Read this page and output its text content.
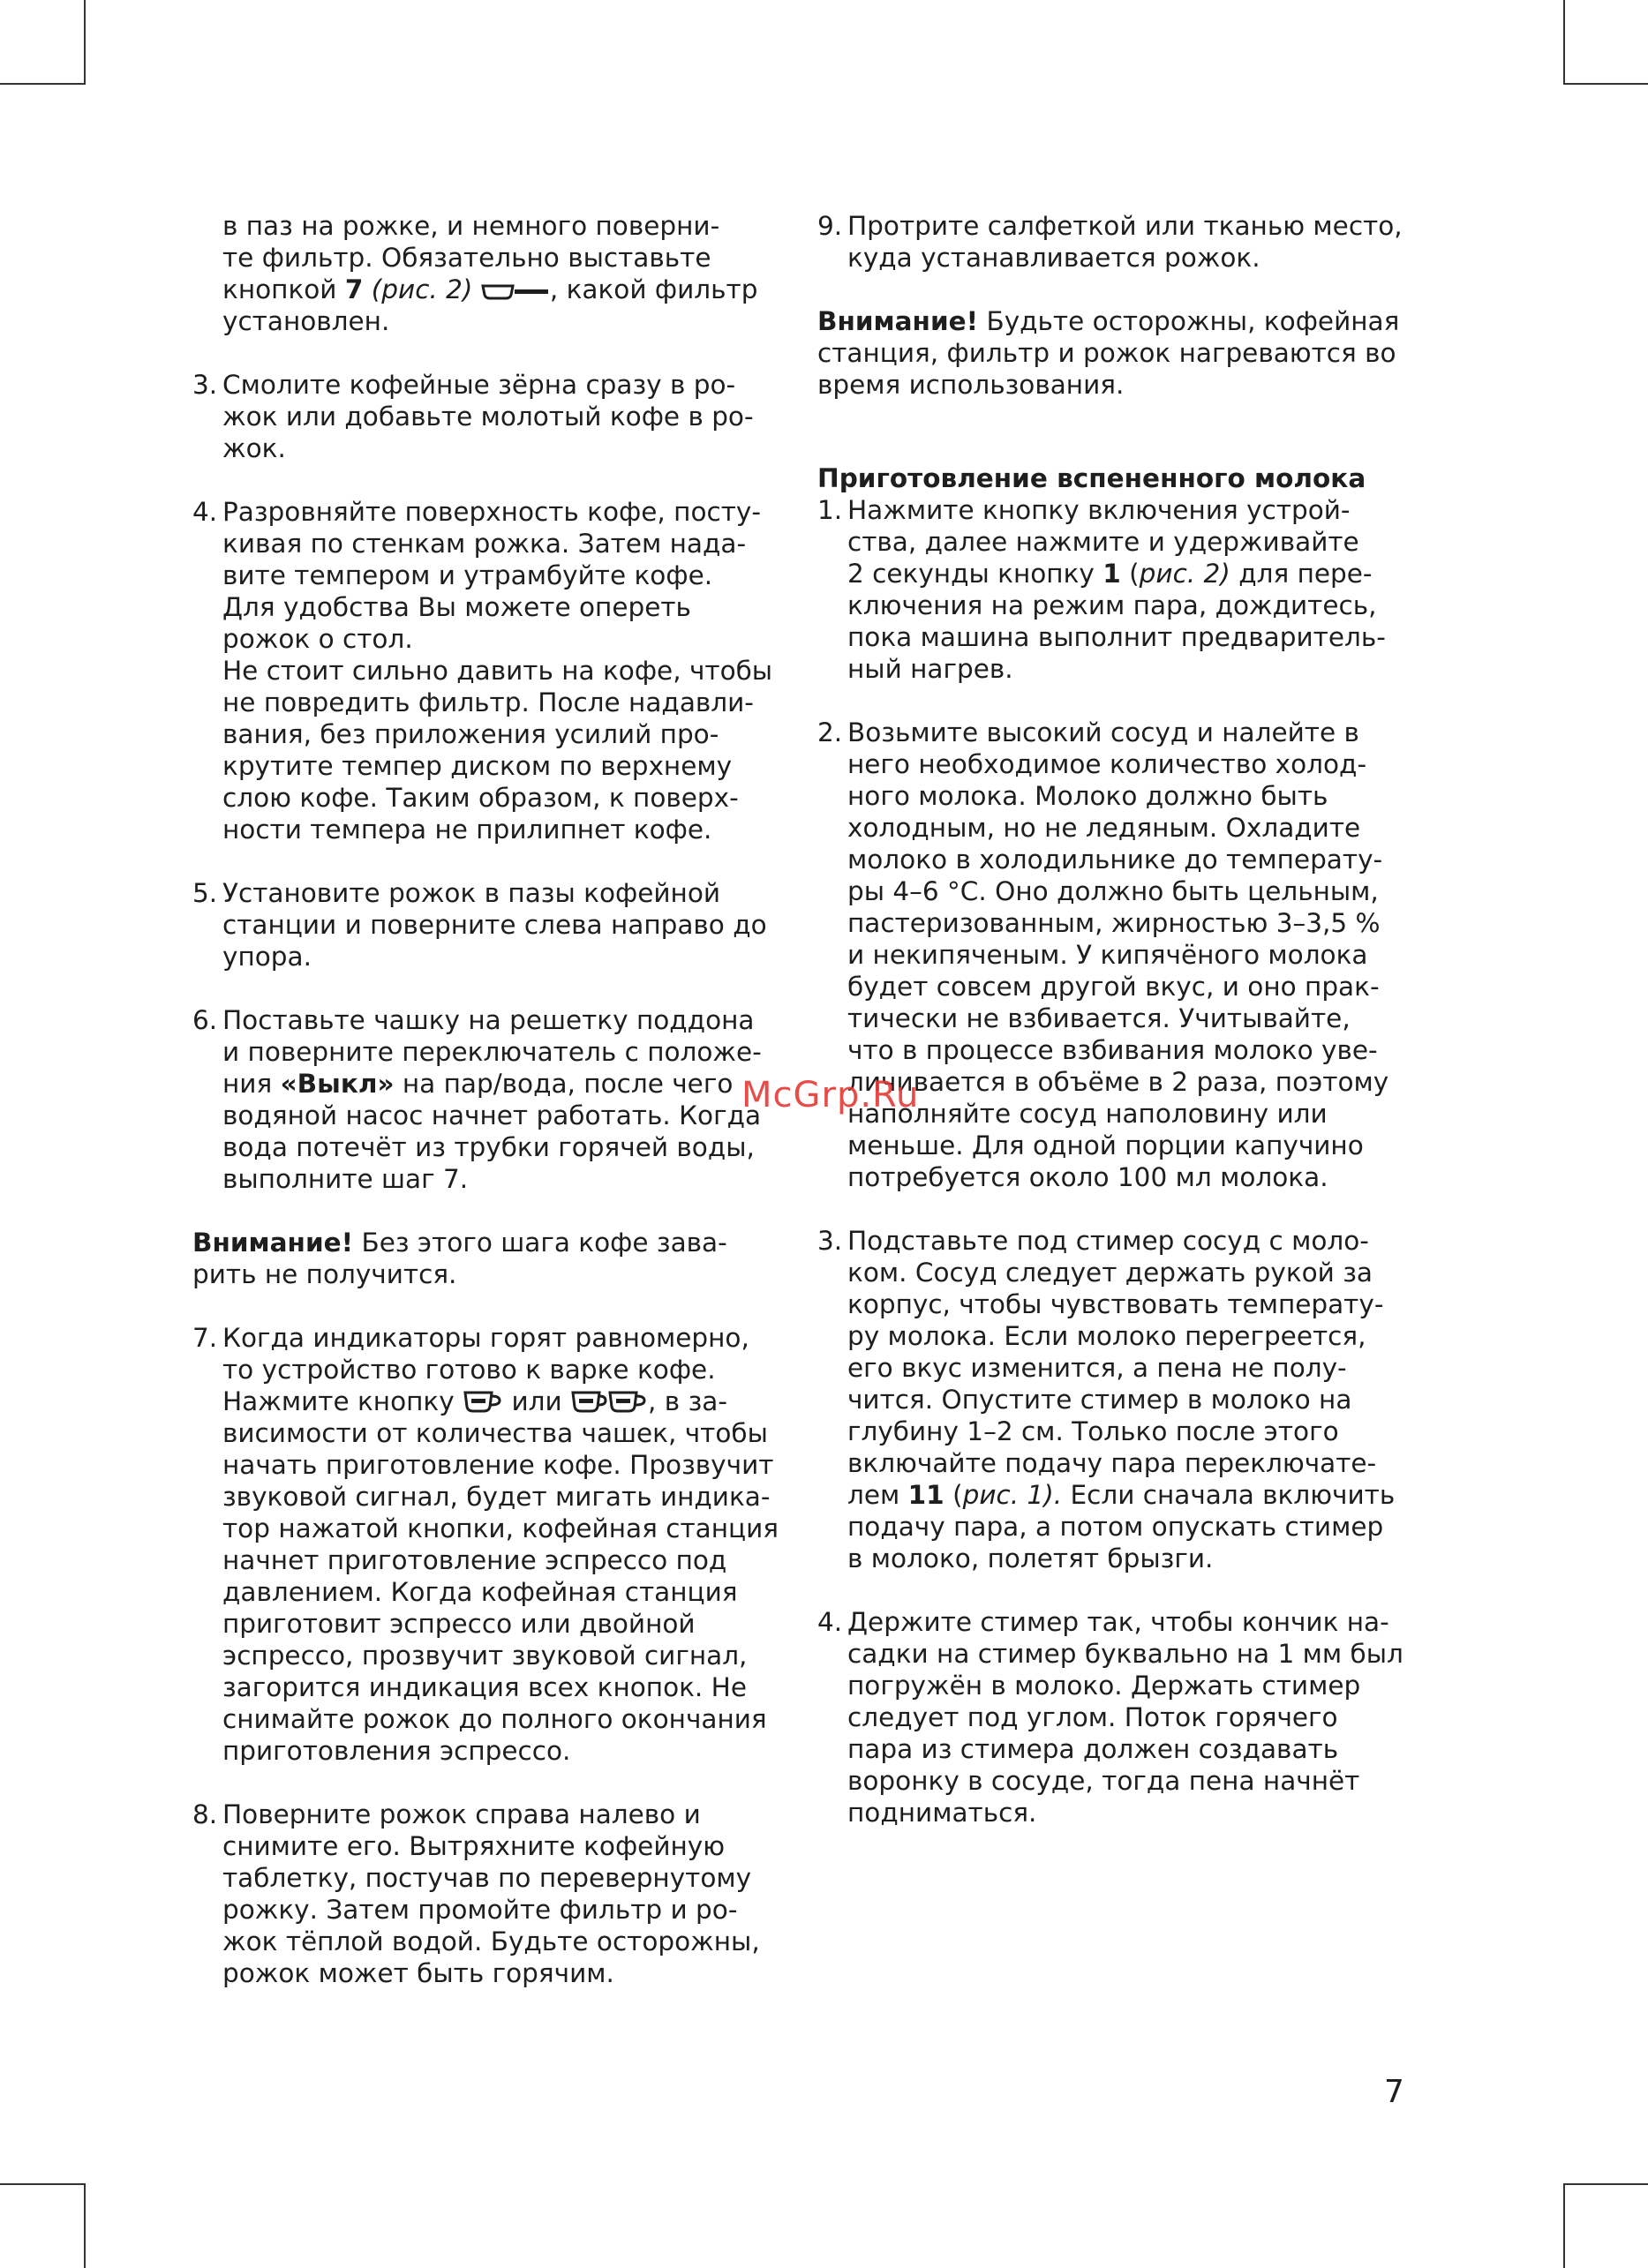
в паз на рожке, и немного поверни-

те фильтр. Обязательно выставьте

кнопкой 7 (рис. 2)	, какой фильтр

установлен.

3. Смолите кофейные зёрна сразу в ро-

жок или добавьте молотый кофе в ро-

жок.

4. Разровняйте поверхность кофе, посту-

кивая по стенкам рожка. Затем нада-

вите темпером и утрамбуйте кофе.

Для удобства Вы можете опереть

рожок о стол.

Не стоит сильно давить на кофе, чтобы

не повредить фильтр. После надавли-

вания, без приложения усилий про-

крутите темпер диском по верхнему

слою кофе. Таким образом, к поверх-

ности темпера не прилипнет кофе.

5. Установите рожок в пазы кофейной

станции и поверните слева направо до

упора.

6. Поставьте чашку на решетку поддона

и поверните переключатель с положе-

ния «Выкл» на пар/вода, после чего

водяной насос начнет работать. Когда

вода потечёт из трубки горячей воды,

выполните шаг 7.

Внимание! Без этого шага кофе зава-

рить не получится.

7. Когда индикаторы горят равномерно,

то устройство готово к варке кофе.

Нажмите кнопку  или	, в за-

висимости от количества чашек, чтобы

начать приготовление кофе. Прозвучит

звуковой сигнал, будет мигать индика-

тор нажатой кнопки, кофейная станция

начнет приготовление эспрессо под

давлением. Когда кофейная станция

приготовит эспрессо или двойной

эспрессо, прозвучит звуковой сигнал,

загорится индикация всех кнопок. Не

снимайте рожок до полного окончания

приготовления эспрессо.

8. Поверните рожок справа налево и

снимите его. Вытряхните кофейную

таблетку, постучав по перевернутому

рожку. Затем промойте фильтр и ро-

жок тёплой водой. Будьте осторожны,

рожок может быть горячим.

9. Протрите салфеткой или тканью место,

куда устанавливается рожок.

Внимание! Будьте осторожны, кофейная

станция, фильтр и рожок нагреваются во

время использования.

Приготовление вспененного молока

1. Нажмите кнопку включения устрой-

ства, далее нажмите и удерживайте

2 секунды кнопку 1 (рис. 2) для пере-

ключения на режим пара, дождитесь,

пока машина выполнит предваритель-

ный нагрев.

2. Возьмите высокий сосуд и налейте в

него необходимое количество холод-

ного молока. Молоко должно быть

холодным, но не ледяным. Охладите

молоко в холодильнике до температу-

ры 4–6 °C. Оно должно быть цельным,

пастеризованным, жирностью 3–3,5 %

и некипяченым. У кипячёного молока

будет совсем другой вкус, и оно прак-

тически не взбивается. Учитывайте,

что в процессе взбивания молоко уве-

личивается в объёме в 2 раза, поэтому

наполняйте сосуд наполовину или

меньше. Для одной порции капучино

потребуется около 100 мл молока.

3. Подставьте под стимер сосуд с моло-

ком. Сосуд следует держать рукой за

корпус, чтобы чувствовать температу-

ру молока. Если молоко перегреется,

его вкус изменится, а пена не полу-

чится. Опустите стимер в молоко на

глубину 1–2 см. Только после этого

включайте подачу пара переключате-

лем 11 (рис. 1). Если сначала включить

подачу пара, а потом опускать стимер

в молоко, полетят брызги.

4. Держите стимер так, чтобы кончик на-

садки на стимер буквально на 1 мм был

погружён в молоко. Держать стимер

следует под углом. Поток горячего

пара из стимера должен создавать

воронку в сосуде, тогда пена начнёт

подниматься.

McGrp.Ru
7
